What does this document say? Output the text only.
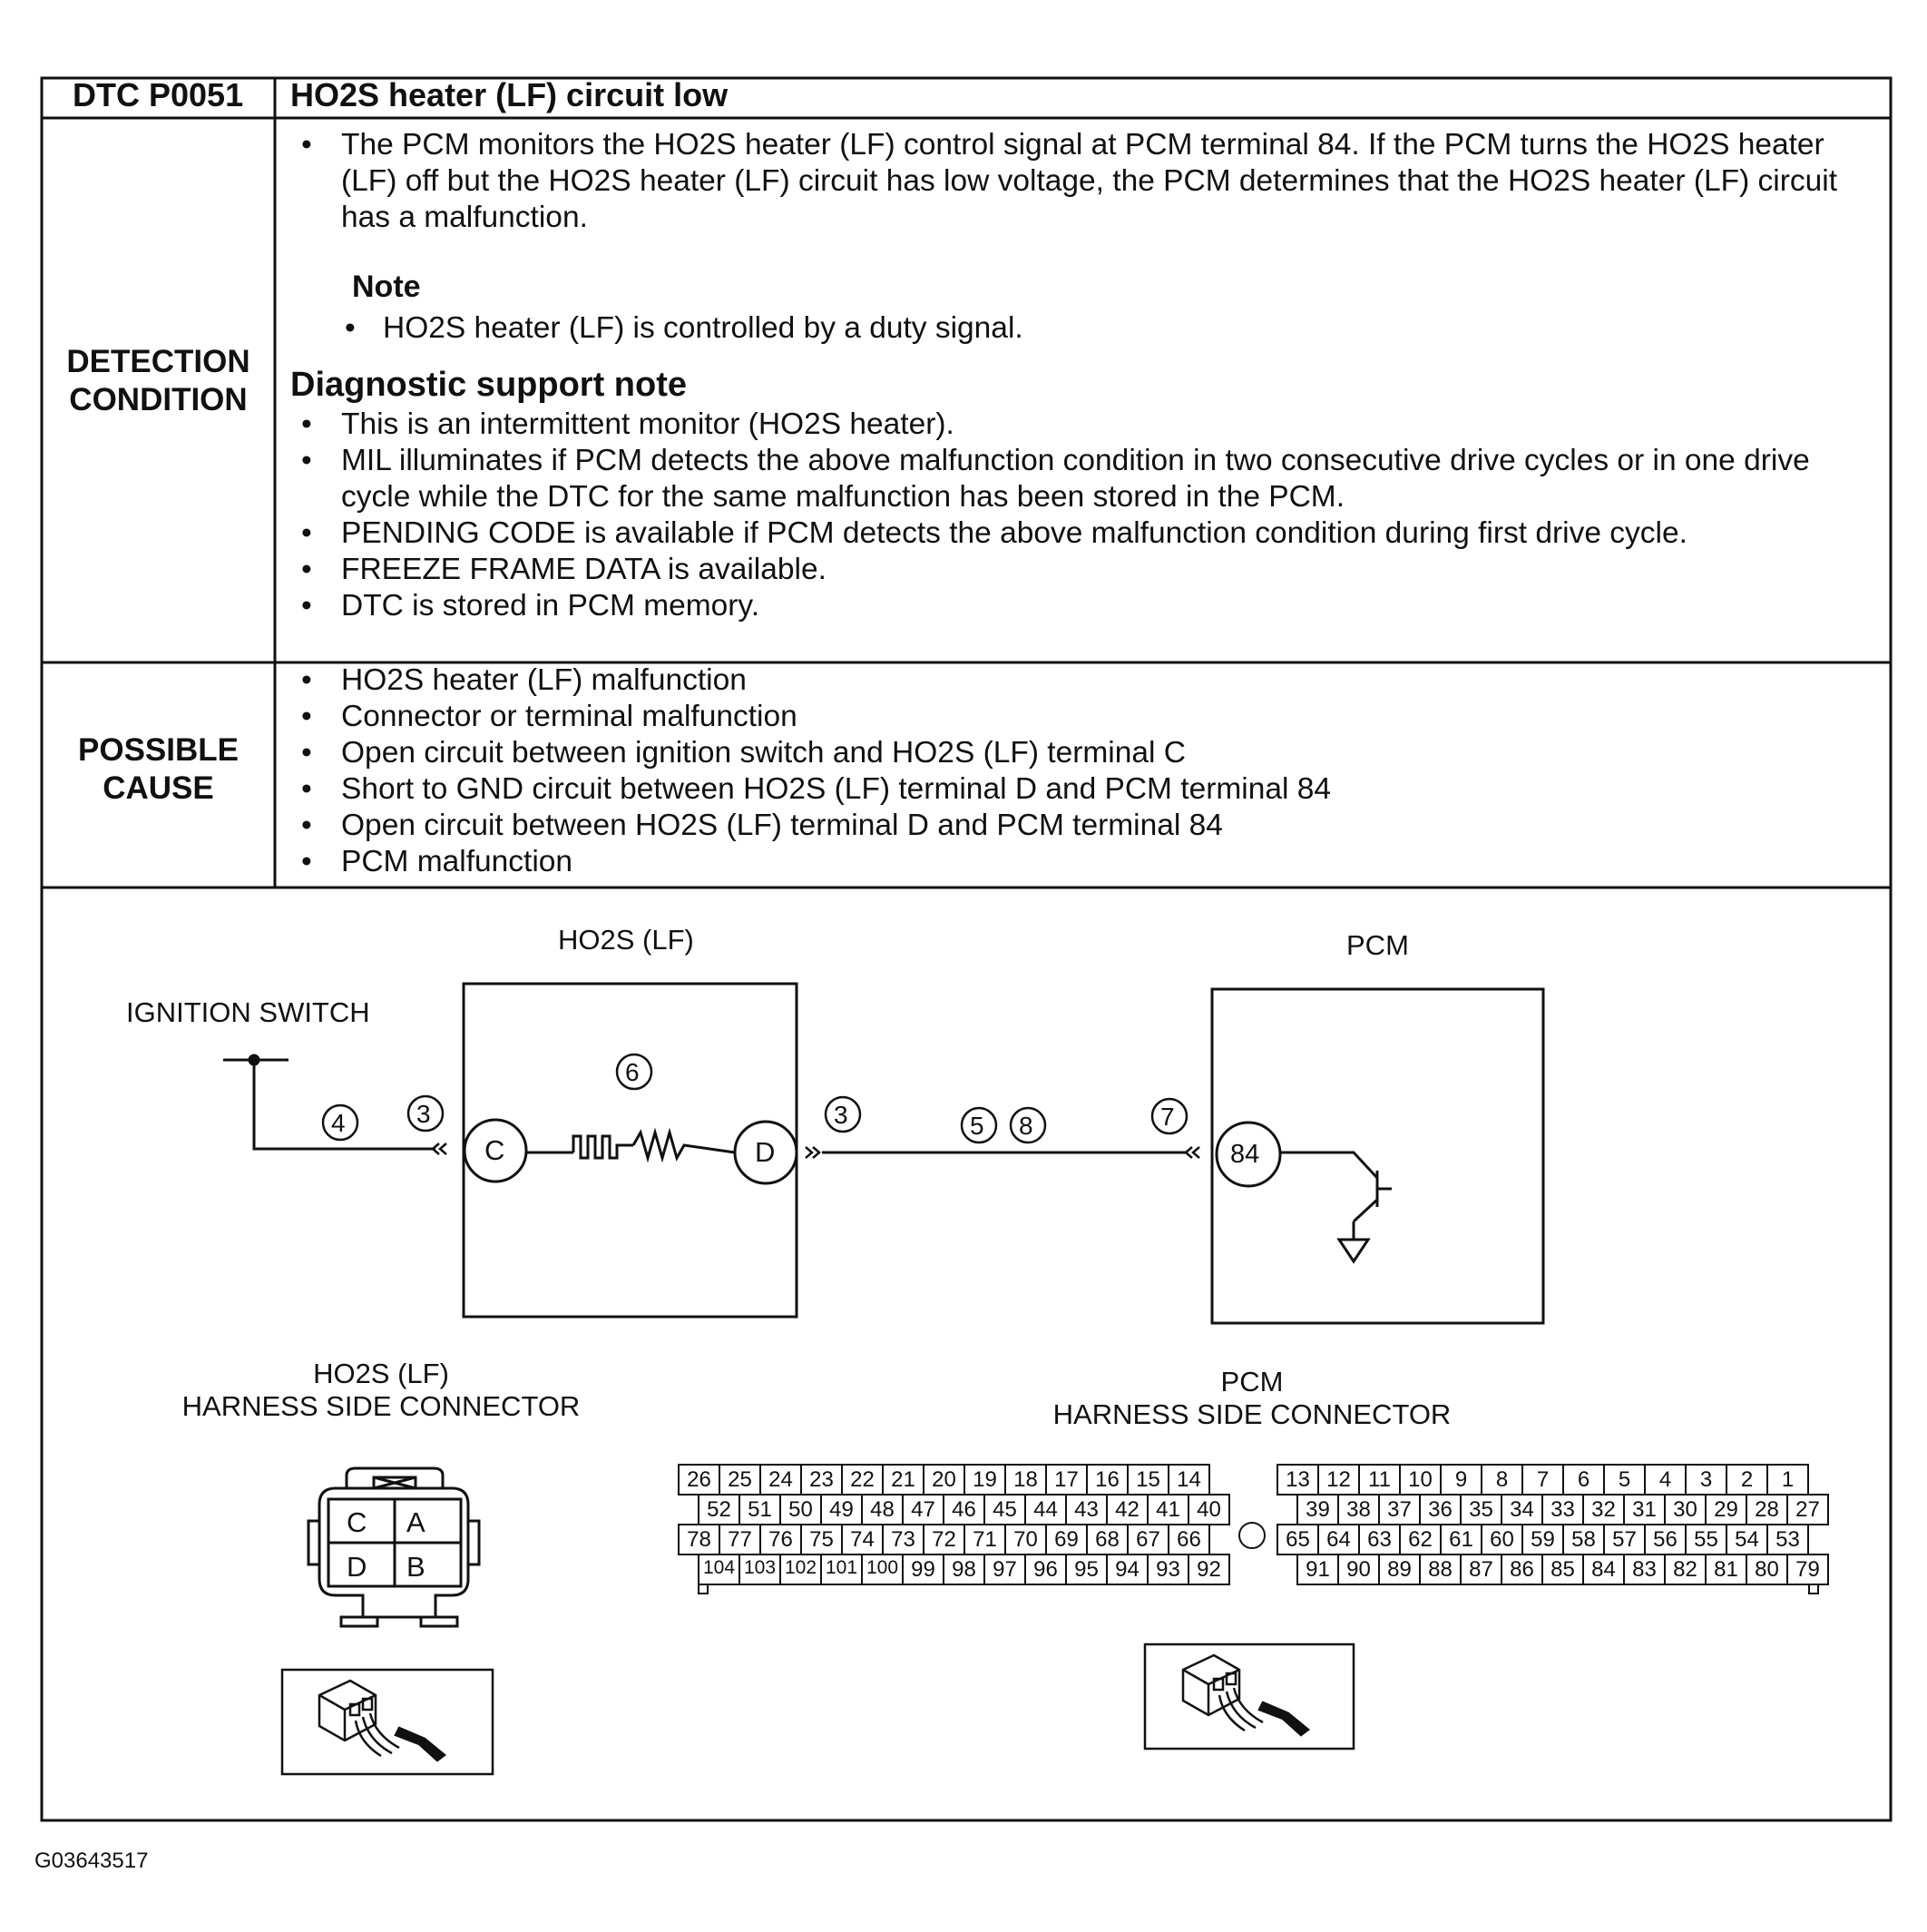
DTC P0051 HO2S heater (LF) circuit low
DETECTION
CONDITION
• The PCM monitors the HO2S heater (LF) control signal at PCM terminal 84. If the PCM turns the HO2S heater (LF) off but the HO2S heater (LF) circuit has low voltage, the PCM determines that the HO2S heater (LF) circuit has a malfunction.
Note
• HO2S heater (LF) is controlled by a duty signal.
Diagnostic support note
• This is an intermittent monitor (HO2S heater).
• MIL illuminates if PCM detects the above malfunction condition in two consecutive drive cycles or in one drive cycle while the DTC for the same malfunction has been stored in the PCM.
• PENDING CODE is available if PCM detects the above malfunction condition during first drive cycle.
• FREEZE FRAME DATA is available.
• DTC is stored in PCM memory.
POSSIBLE
CAUSE
• HO2S heater (LF) malfunction
• Connector or terminal malfunction
• Open circuit between ignition switch and HO2S (LF) terminal C
• Short to GND circuit between HO2S (LF) terminal D and PCM terminal 84
• Open circuit between HO2S (LF) terminal D and PCM terminal 84
• PCM malfunction
HO2S (LF)	PCM
IGNITION SWITCH
C	D	84
4	3
6
3	5 8	7
HO2S (LF)
HARNESS SIDE CONNECTOR
PCM
HARNESS SIDE CONNECTOR
C A
D B
26 25 24 23 22 21 20 19 18 17 16 15 14
52 51 50 49 48 47 46 45 44 43 42 41 40
78 77 76 75 74 73 72 71 70 69 68 67 66
104 103 102 101 100 99 98 97 96 95 94 93 92
13 12 11 10	9	8	7	6	5	4	3	2	1
39 38 37 36 35 34 33 32 31 30 29 28 27
65 64 63 62 61 60 59 58 57 56 55 54 53
91 90 89 88 87 86 85 84 83 82 81 80 79
G03643517
